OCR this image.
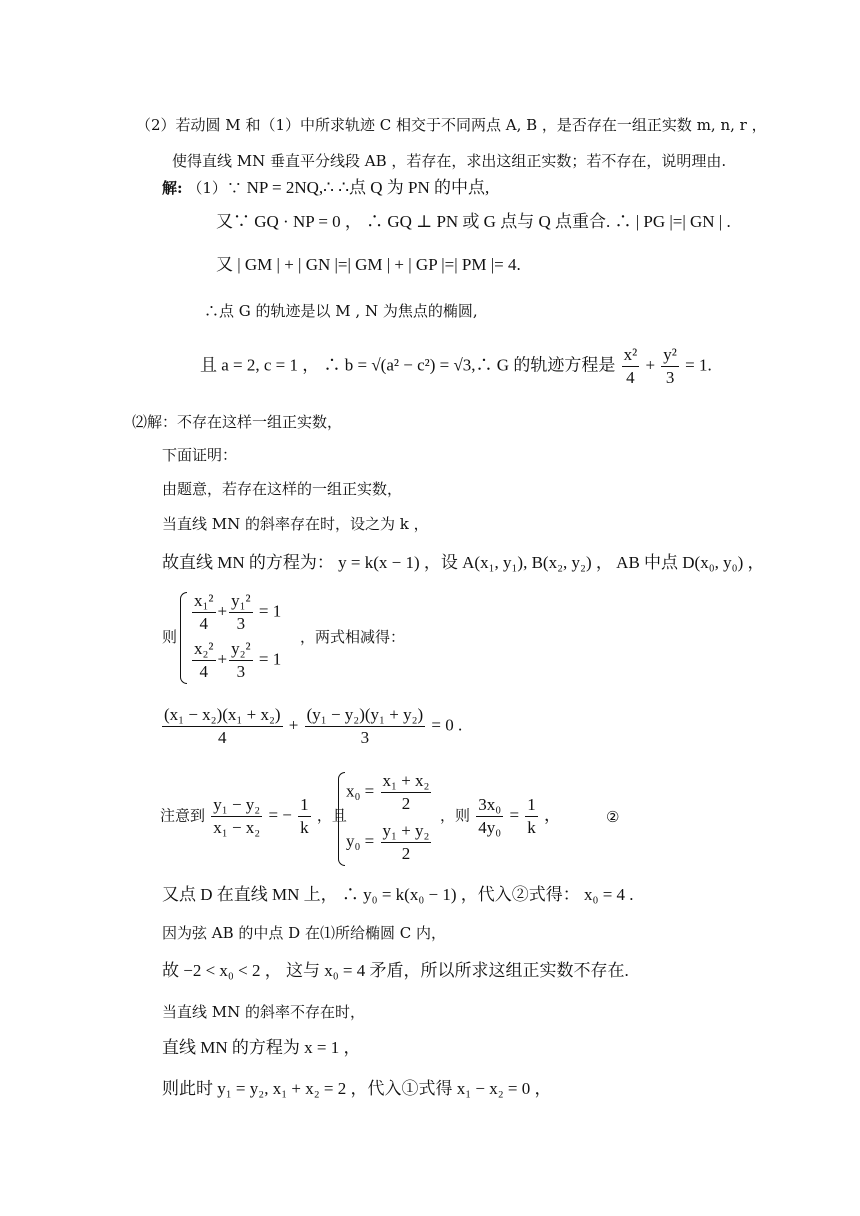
（2）若动圆 M 和（1）中所求轨迹 C 相交于不同两点 A, B ，是否存在一组正实数 m, n, r ，
使得直线 MN 垂直平分线段 AB ，若存在，求出这组正实数；若不存在，说明理由.
解: （1）∵ NP = 2NQ,∴ ∴点 Q 为 PN 的中点,
又∵ GQ · NP = 0 ， ∴ GQ ⊥ PN 或 G 点与 Q 点重合. ∴ | PG |=| GN | .
又 | GM | + | GN |=| GM | + | GP |=| PM |= 4.
∴点 G 的轨迹是以 M , N 为焦点的椭圆,
且 a = 2, c = 1 ， ∴ b = √(a² − c²) = √3,∴ G 的轨迹方程是 $\frac{\text{x²}}{4} + \frac{\text{y²}}{3} = 1$.
⑵解：不存在这样一组正实数，
下面证明：
由题意，若存在这样的一组正实数，
当直线 MN 的斜率存在时，设之为 k ，
故直线 MN 的方程为： y = k(x − 1) ，设 A(x₁, y₁), B(x₂, y₂) ， AB 中点 D(x₀, y₀) ，
则
$\frac{\text{x₁²}}{4} + \frac{\text{y₁²}}{3} = 1$
$\frac{\text{x₂²}}{4} + \frac{\text{y₂²}}{3} = 1$
，两式相减得：
$\frac{\text{(x₁ − x₂)(x₁ + x₂)}}{4} + \frac{\text{(y₁ − y₂)(y₁ + y₂)}}{3} = 0$ .
注意到 $\frac{\text{y₁ − y₂}}{\text{x₁ − x₂}}$ = − $\frac{1}{k}$ ，且
$x_0 = \frac{\text{x₁ + x₂}}{2}$
$y_0 = \frac{\text{y₁ + y₂}}{2}$
，则 $\frac{\text{3x₀}}{\text{4y₀}} = \frac{1}{k}$ ，	②
又点 D 在直线 MN 上， ∴ y₀ = k(x₀ − 1) ，代入②式得： x₀ = 4 .
因为弦 AB 的中点 D 在⑴所给椭圆 C 内，
故 −2 < x₀ < 2 ， 这与 x₀ = 4 矛盾，所以所求这组正实数不存在.
当直线 MN 的斜率不存在时，
直线 MN 的方程为 x = 1 ，
则此时 y₁ = y₂, x₁ + x₂ = 2 ，代入①式得 x₁ − x₂ = 0 ，
